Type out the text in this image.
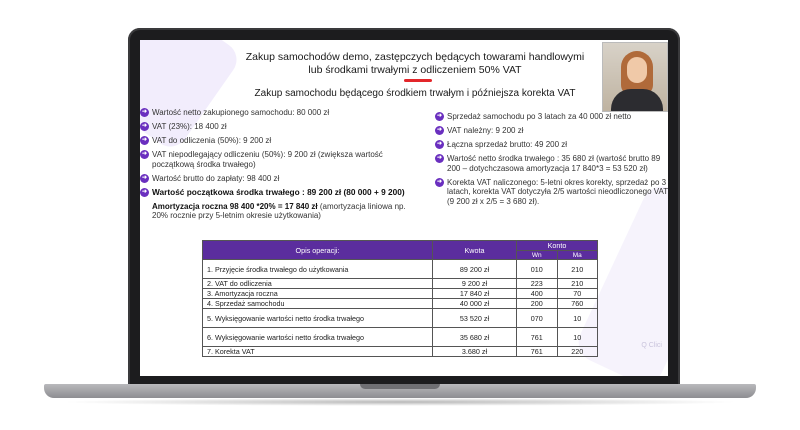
Zakup samochodów demo, zastępczych będących towarami handlowymi
lub środkami trwałymi z odliczeniem 50% VAT
Zakup samochodu będącego środkiem trwałym i późniejsza korekta VAT
➜ Wartość netto zakupionego samochodu: 80 000 zł
➜ VAT (23%): 18 400 zł
➜ VAT do odliczenia (50%): 9 200 zł
➜ VAT niepodlegający odliczeniu (50%): 9 200 zł (zwiększa wartość początkową środka trwałego)
➜ Wartość brutto do zapłaty: 98 400 zł
➜ Wartość początkowa środka trwałego : 89 200 zł (80 000 + 9 200)
Amortyzacja roczna 98 400 *20% = 17 840 zł (amortyzacja liniowa np. 20% rocznie przy 5-letnim okresie użytkowania)
➜ Sprzedaż samochodu po 3 latach za 40 000 zł netto
➜ VAT należny: 9 200 zł
➜ Łączna sprzedaż brutto: 49 200 zł
➜ Wartość netto środka trwałego : 35 680 zł (wartość brutto 89 200 – dotychczasowa amortyzacja 17 840*3 = 53 520 zł)
➜ Korekta VAT naliczonego: 5-letni okres korekty, sprzedaż po 3 latach, korekta VAT dotyczyła 2/5 wartości nieodliczonego VAT (9 200 zł x 2/5 = 3 680 zł).
Opis operacji:	Kwota	Konto	
		Wn	Ma
1. Przyjęcie środka trwałego do użytkowania	89 200 zł	010	210
2. VAT do odliczenia	9 200 zł	223	210
3. Amortyzacja roczna	17 840 zł	400	70
4. Sprzedaż samochodu	40 000 zł	200	760
5. Wyksięgowanie wartości netto środka trwałego	53 520 zł	070	10
6. Wyksięgowanie wartości netto środka trwałego	35 680 zł	761	10
7. Korekta VAT	3.680 zł	761	220
Q Clici
